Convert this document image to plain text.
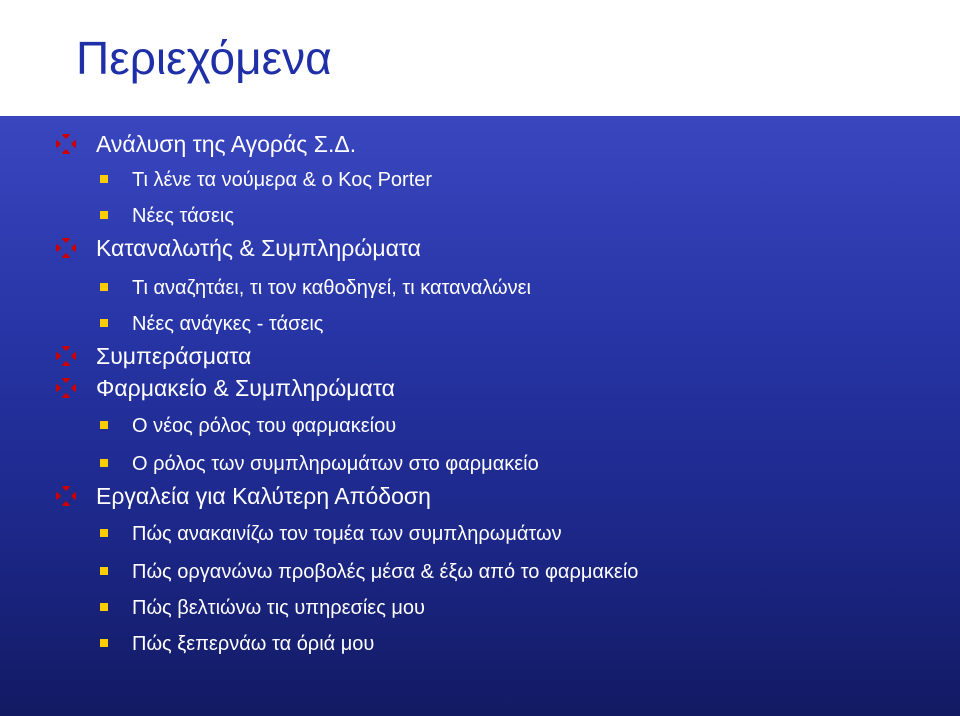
Περιεχόμενα
Ανάλυση της Αγοράς Σ.Δ.
Τι λένε τα νούμερα & ο Κος Porter
Νέες τάσεις
Καταναλωτής & Συμπληρώματα
Τι αναζητάει, τι τον καθοδηγεί, τι καταναλώνει
Νέες ανάγκες - τάσεις
Συμπεράσματα
Φαρμακείο & Συμπληρώματα
Ο νέος ρόλος του φαρμακείου
Ο ρόλος των συμπληρωμάτων στο φαρμακείο
Εργαλεία για Καλύτερη Απόδοση
Πώς ανακαινίζω τον τομέα των συμπληρωμάτων
Πώς οργανώνω προβολές μέσα & έξω από το φαρμακείο
Πώς βελτιώνω τις υπηρεσίες μου
Πώς ξεπερνάω τα όριά μου
